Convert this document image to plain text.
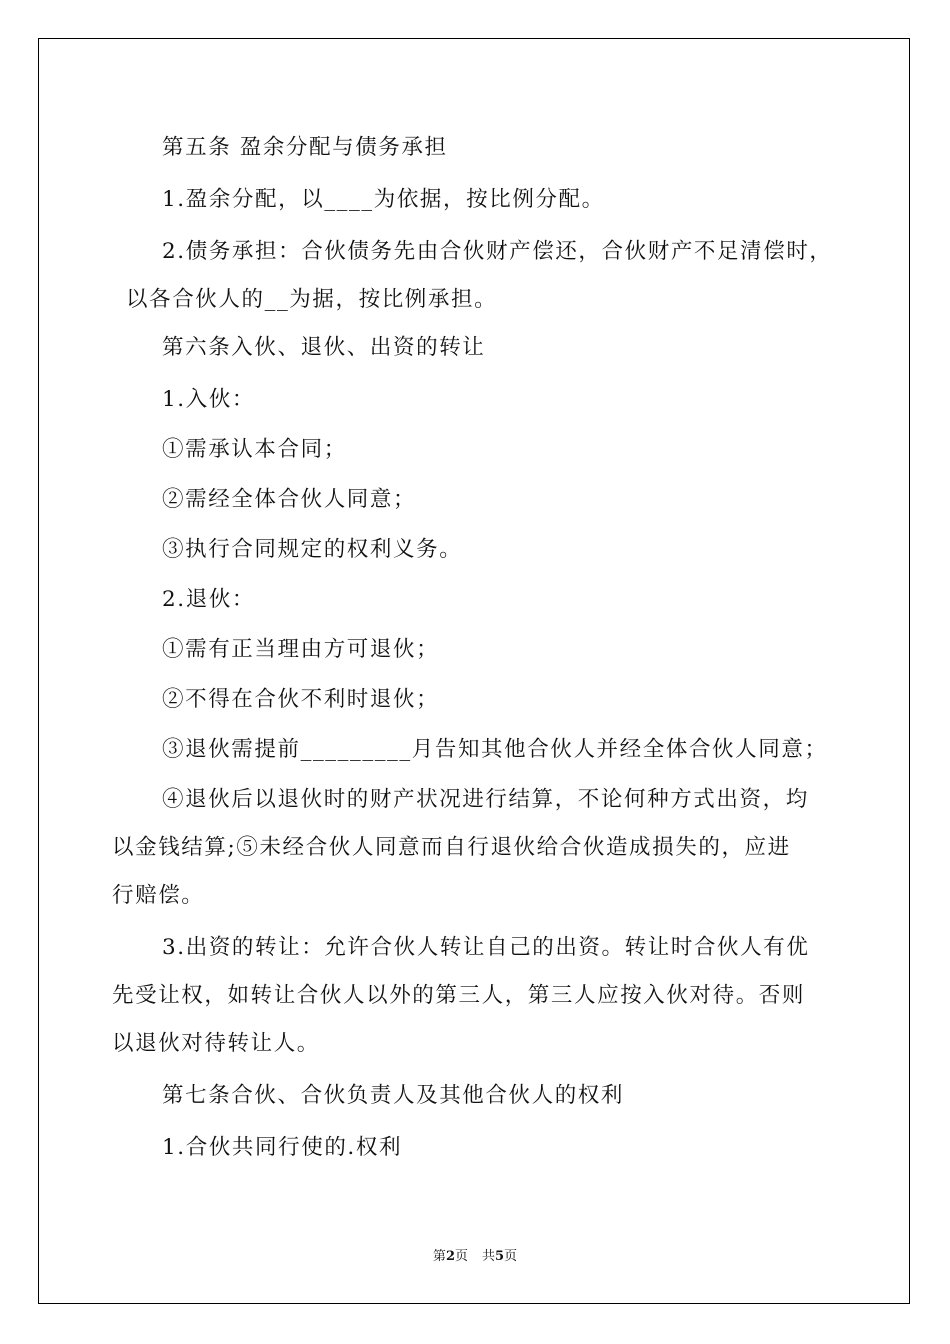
第五条 盈余分配与债务承担
1.盈余分配，以____为依据，按比例分配。
2.债务承担：合伙债务先由合伙财产偿还，合伙财产不足清偿时，
以各合伙人的__为据，按比例承担。
第六条入伙、退伙、出资的转让
1.入伙：
①需承认本合同；
②需经全体合伙人同意；
③执行合同规定的权利义务。
2.退伙：
①需有正当理由方可退伙；
②不得在合伙不利时退伙；
③退伙需提前_________月告知其他合伙人并经全体合伙人同意；
④退伙后以退伙时的财产状况进行结算，不论何种方式出资，均
以金钱结算;⑤未经合伙人同意而自行退伙给合伙造成损失的，应进
行赔偿。
3.出资的转让：允许合伙人转让自己的出资。转让时合伙人有优
先受让权，如转让合伙人以外的第三人，第三人应按入伙对待。否则
以退伙对待转让人。
第七条合伙、合伙负责人及其他合伙人的权利
1.合伙共同行使的.权利
第2页 共5页
